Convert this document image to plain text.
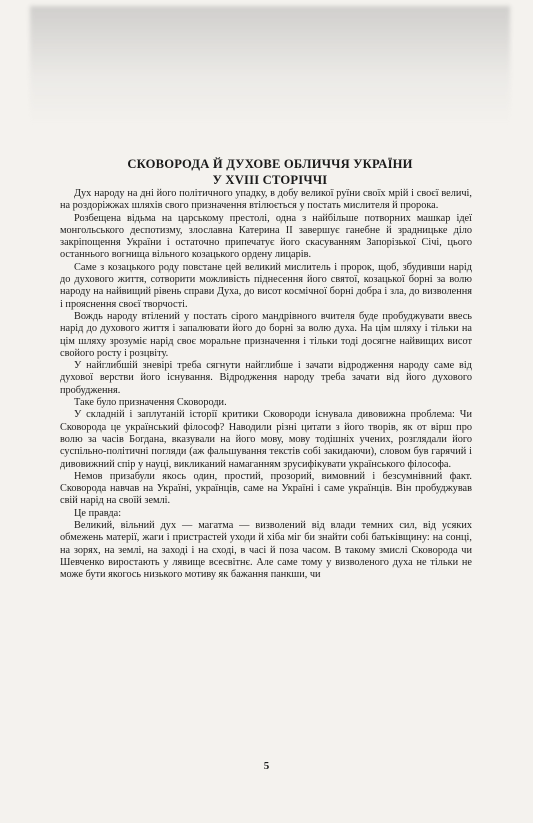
СКОВОРОДА Й ДУХОВЕ ОБЛИЧЧЯ УКРАЇНИ
У XVIII СТОРІЧЧІ

Дух народу на дні його політичного упадку, в добу великої руїни своїх мрій і своєї величі, на роздоріжжах шляхів свого призначення втілюється у постать мислителя й пророка.

Розбещена відьма на царському престолі, одна з найбільше потворних машкар ідеї монгольського деспотизму, злославна Катерина II завершує ганебне й зрадницьке діло закріпощення України і остаточно припечатує його скасуванням Запорізької Січі, цього останнього вогнища вільного козацького ордену лицарів.

Саме з козацького роду повстане цей великий мислитель і пророк, щоб, збудивши нарід до духового життя, сотворити можливість піднесення його святої, козацької борні за волю народу на найвищий рівень справи Духа, до висот космічної борні добра і зла, до визволення і прояснення своєї творчості.

Вождь народу втілений у постать сірого мандрівного вчителя буде пробуджувати ввесь нарід до духового життя і запалювати його до борні за волю духа. На цім шляху і тільки на цім шляху зрозуміє нарід своє моральне призначення і тільки тоді досягне найвищих висот свойого росту і розцвіту.

У найглибшій зневірі треба сягнути найглибше і зачати відродження народу саме від духової верстви його існування. Відродження народу треба зачати від його духового пробудження.

Таке було призначення Сковороди.

У складній і заплутаній історії критики Сковороди існувала дивовижна проблема: Чи Сковорода це український філософ? Наводили різні цитати з його творів, як от вірш про волю за часів Богдана, вказували на його мову, мову тодішніх учених, розглядали його суспільно-політичні погляди (аж фальшування текстів собі закидаючи), словом був гарячий і дивовижний спір у науці, викликаний намаганням зрусифікувати українського філософа.

Немов призабули якось один, простий, прозорий, вимовний і безсумнівний факт. Сковорода навчав на Україні, українців, саме на Україні і саме українців. Він пробуджував свій нарід на своїй землі.

Це правда:

Великий, вільний дух — магатма — визволений від влади темних сил, від усяких обмежень матерії, жаги і пристрастей уходи й хіба міг би знайти собі батьківщину: на сонці, на зорях, на землі, на заході і на сході, в часі й поза часом. В такому змислі Сковорода чи Шевченко виростають у лявище всесвітнє. Але саме тому у визволеного духа не тільки не може бути якогось низького мотиву як бажання панкши, чи

5
